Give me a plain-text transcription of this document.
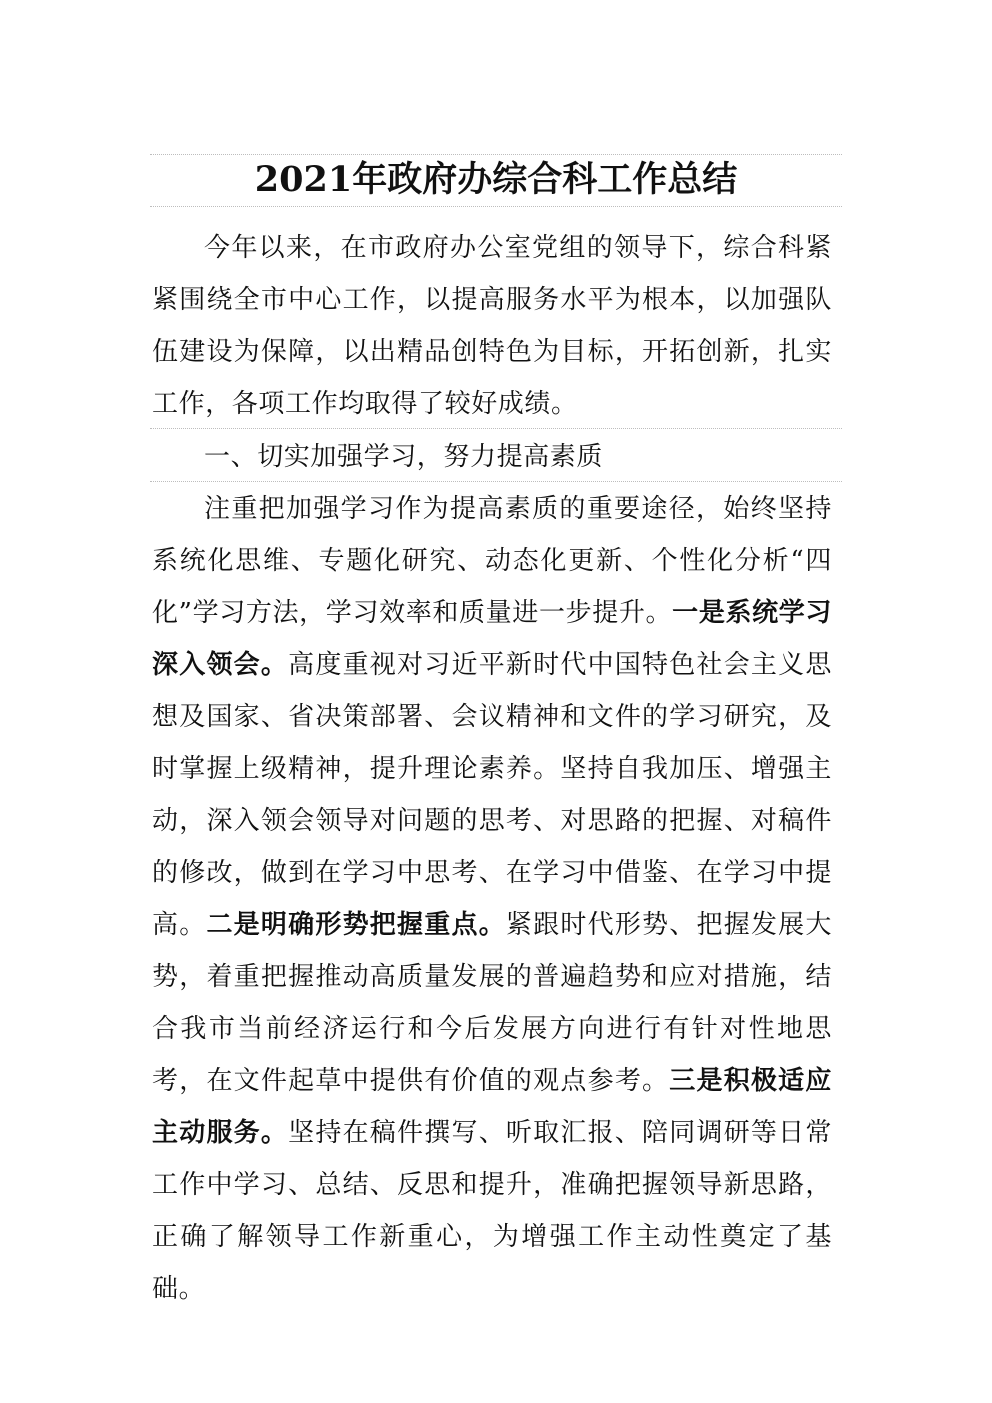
2021年政府办综合科工作总结
今年以来，在市政府办公室党组的领导下，综合科紧紧围绕全市中心工作，以提高服务水平为根本，以加强队伍建设为保障，以出精品创特色为目标，开拓创新，扎实工作，各项工作均取得了较好成绩。
一、切实加强学习，努力提高素质
注重把加强学习作为提高素质的重要途径，始终坚持系统化思维、专题化研究、动态化更新、个性化分析“四化”学习方法，学习效率和质量进一步提升。一是系统学习深入领会。高度重视对习近平新时代中国特色社会主义思想及国家、省决策部署、会议精神和文件的学习研究，及时掌握上级精神，提升理论素养。坚持自我加压、增强主动，深入领会领导对问题的思考、对思路的把握、对稿件的修改，做到在学习中思考、在学习中借鉴、在学习中提高。二是明确形势把握重点。紧跟时代形势、把握发展大势，着重把握推动高质量发展的普遍趋势和应对措施，结合我市当前经济运行和今后发展方向进行有针对性地思考，在文件起草中提供有价值的观点参考。三是积极适应主动服务。坚持在稿件撰写、听取汇报、陪同调研等日常工作中学习、总结、反思和提升，准确把握领导新思路，正确了解领导工作新重心，为增强工作主动性奠定了基础。
